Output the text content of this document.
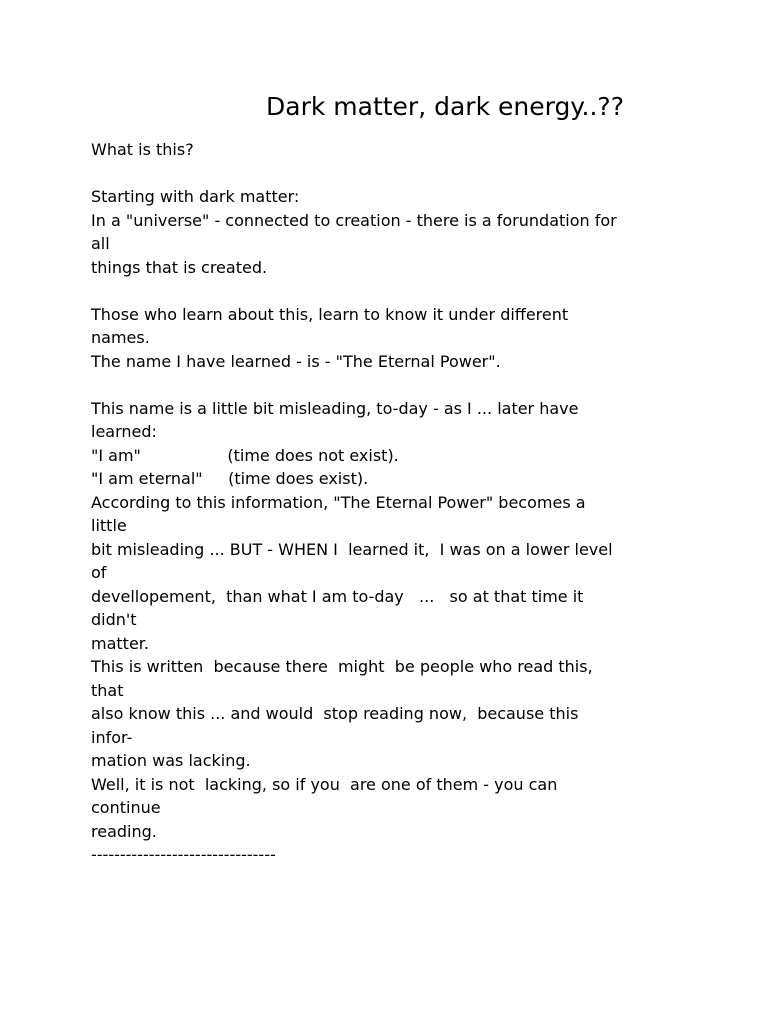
Dark matter, dark energy..??
What is this?
Starting with dark matter:
In a "universe" - connected to creation - there is a forundation for
all
things that is created.
Those who learn about this, learn to know it under different
names.
The name I have learned - is - "The Eternal Power".
This name is a little bit misleading, to-day - as I ... later have
learned:
"I am"                 (time does not exist).
"I am eternal"     (time does exist).
According to this information, "The Eternal Power" becomes a
little
bit misleading ... BUT - WHEN I  learned it,  I was on a lower level
of
devellopement,  than what I am to-day   ...   so at that time it
didn't
matter.
This is written  because there  might  be people who read this,
that
also know this ... and would  stop reading now,  because this
infor-
mation was lacking.
Well, it is not  lacking, so if you  are one of them - you can
continue
reading.
--------------------------------
